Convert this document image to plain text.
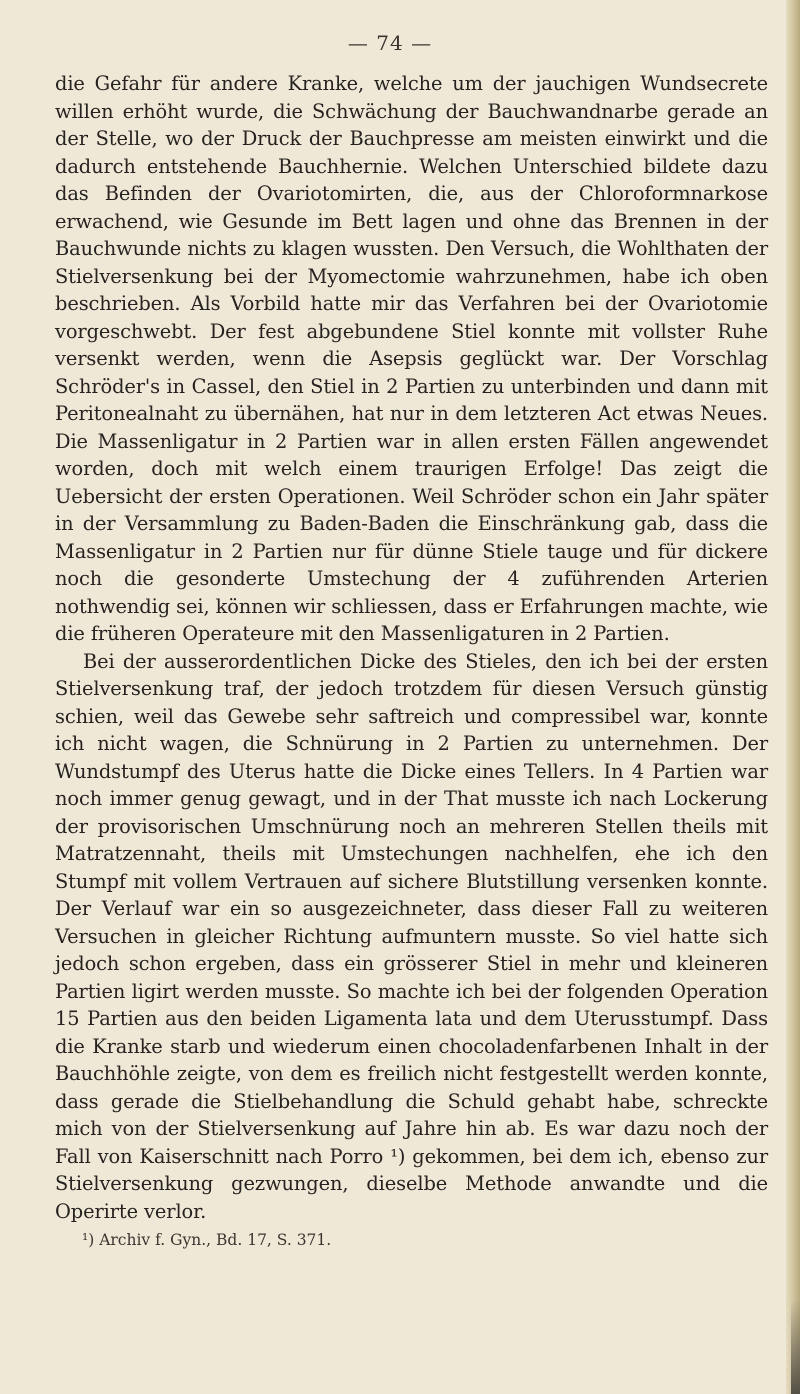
— 74 —

die Gefahr für andere Kranke, welche um der jauchigen Wundsecrete willen erhöht wurde, die Schwächung der Bauchwandnarbe gerade an der Stelle, wo der Druck der Bauchpresse am meisten einwirkt und die dadurch entstehende Bauchhernie. Welchen Unterschied bildete dazu das Befinden der Ovariotomirten, die, aus der Chloroformnarkose erwachend, wie Gesunde im Bett lagen und ohne das Brennen in der Bauchwunde nichts zu klagen wussten. Den Versuch, die Wohlthaten der Stielversenkung bei der Myomectomie wahrzunehmen, habe ich oben beschrieben. Als Vorbild hatte mir das Verfahren bei der Ovariotomie vorgeschwebt. Der fest abgebundene Stiel konnte mit vollster Ruhe versenkt werden, wenn die Asepsis geglückt war. Der Vorschlag Schröder's in Cassel, den Stiel in 2 Partien zu unterbinden und dann mit Peritonealnaht zu übernähen, hat nur in dem letzteren Act etwas Neues. Die Massenligatur in 2 Partien war in allen ersten Fällen angewendet worden, doch mit welch einem traurigen Erfolge! Das zeigt die Uebersicht der ersten Operationen. Weil Schröder schon ein Jahr später in der Versammlung zu Baden-Baden die Einschränkung gab, dass die Massenligatur in 2 Partien nur für dünne Stiele tauge und für dickere noch die gesonderte Umstechung der 4 zuführenden Arterien nothwendig sei, können wir schliessen, dass er Erfahrungen machte, wie die früheren Operateure mit den Massenligaturen in 2 Partien.

Bei der ausserordentlichen Dicke des Stieles, den ich bei der ersten Stielversenkung traf, der jedoch trotzdem für diesen Versuch günstig schien, weil das Gewebe sehr saftreich und compressibel war, konnte ich nicht wagen, die Schnürung in 2 Partien zu unternehmen. Der Wundstumpf des Uterus hatte die Dicke eines Tellers. In 4 Partien war noch immer genug gewagt, und in der That musste ich nach Lockerung der provisorischen Umschnürung noch an mehreren Stellen theils mit Matratzennaht, theils mit Umstechungen nachhelfen, ehe ich den Stumpf mit vollem Vertrauen auf sichere Blutstillung versenken konnte. Der Verlauf war ein so ausgezeichneter, dass dieser Fall zu weiteren Versuchen in gleicher Richtung aufmuntern musste. So viel hatte sich jedoch schon ergeben, dass ein grösserer Stiel in mehr und kleineren Partien ligirt werden musste. So machte ich bei der folgenden Operation 15 Partien aus den beiden Ligamenta lata und dem Uterusstumpf. Dass die Kranke starb und wiederum einen chocoladenfarbenen Inhalt in der Bauchhöhle zeigte, von dem es freilich nicht festgestellt werden konnte, dass gerade die Stielbehandlung die Schuld gehabt habe, schreckte mich von der Stielversenkung auf Jahre hin ab. Es war dazu noch der Fall von Kaiserschnitt nach Porro ¹) gekommen, bei dem ich, ebenso zur Stielversenkung gezwungen, dieselbe Methode anwandte und die Operirte verlor.

¹) Archiv f. Gyn., Bd. 17, S. 371.
